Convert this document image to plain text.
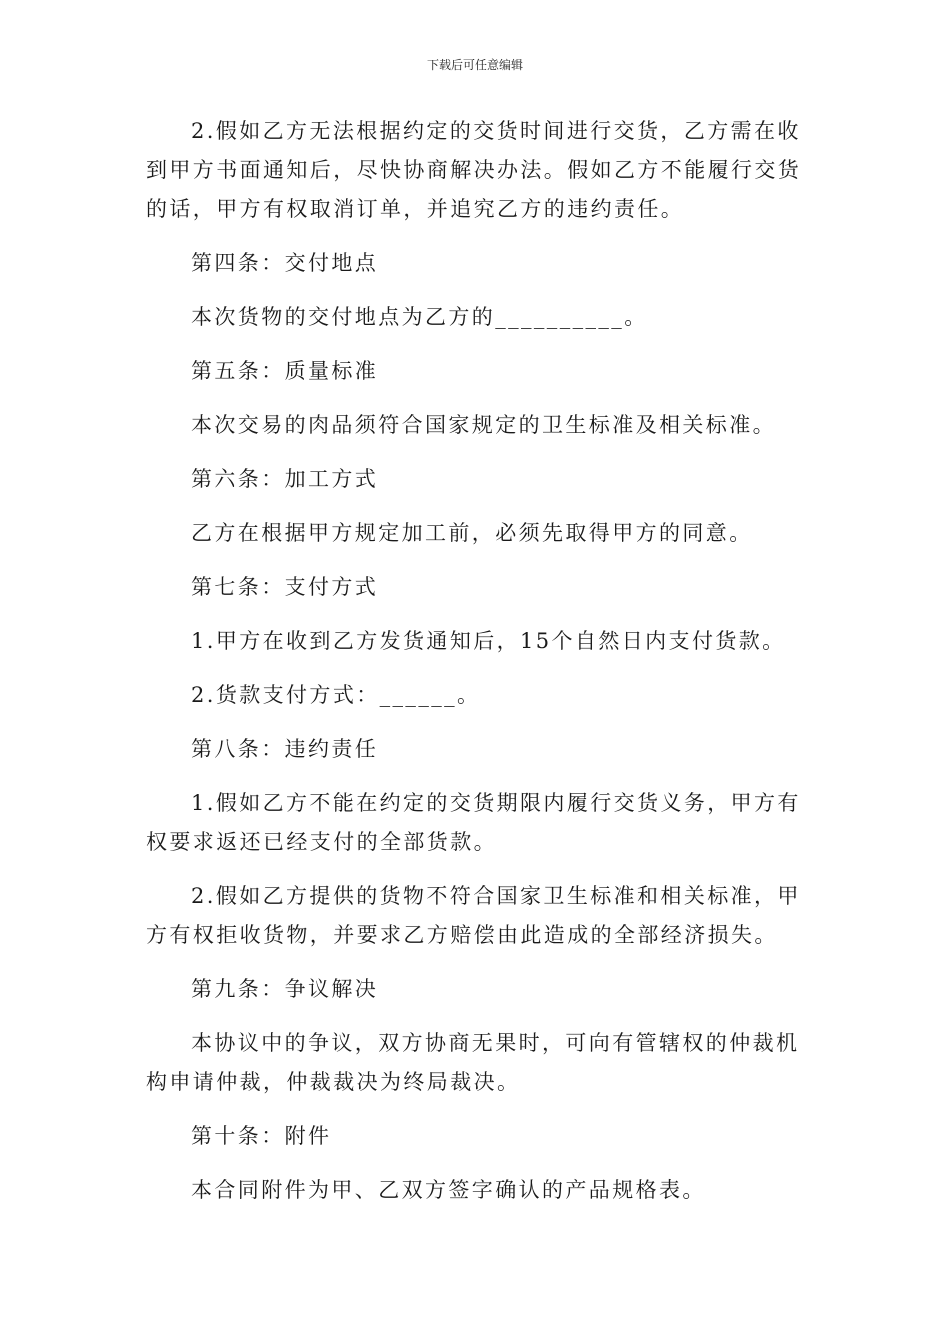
下载后可任意编辑

2.假如乙方无法根据约定的交货时间进行交货，乙方需在收到甲方书面通知后，尽快协商解决办法。假如乙方不能履行交货的话，甲方有权取消订单，并追究乙方的违约责任。

第四条：交付地点

本次货物的交付地点为乙方的__________。

第五条：质量标准

本次交易的肉品须符合国家规定的卫生标准及相关标准。

第六条：加工方式

乙方在根据甲方规定加工前，必须先取得甲方的同意。

第七条：支付方式

1.甲方在收到乙方发货通知后，15个自然日内支付货款。

2.货款支付方式：______。

第八条：违约责任

1.假如乙方不能在约定的交货期限内履行交货义务，甲方有权要求返还已经支付的全部货款。

2.假如乙方提供的货物不符合国家卫生标准和相关标准，甲方有权拒收货物，并要求乙方赔偿由此造成的全部经济损失。

第九条：争议解决

本协议中的争议，双方协商无果时，可向有管辖权的仲裁机构申请仲裁，仲裁裁决为终局裁决。

第十条：附件

本合同附件为甲、乙双方签字确认的产品规格表。
